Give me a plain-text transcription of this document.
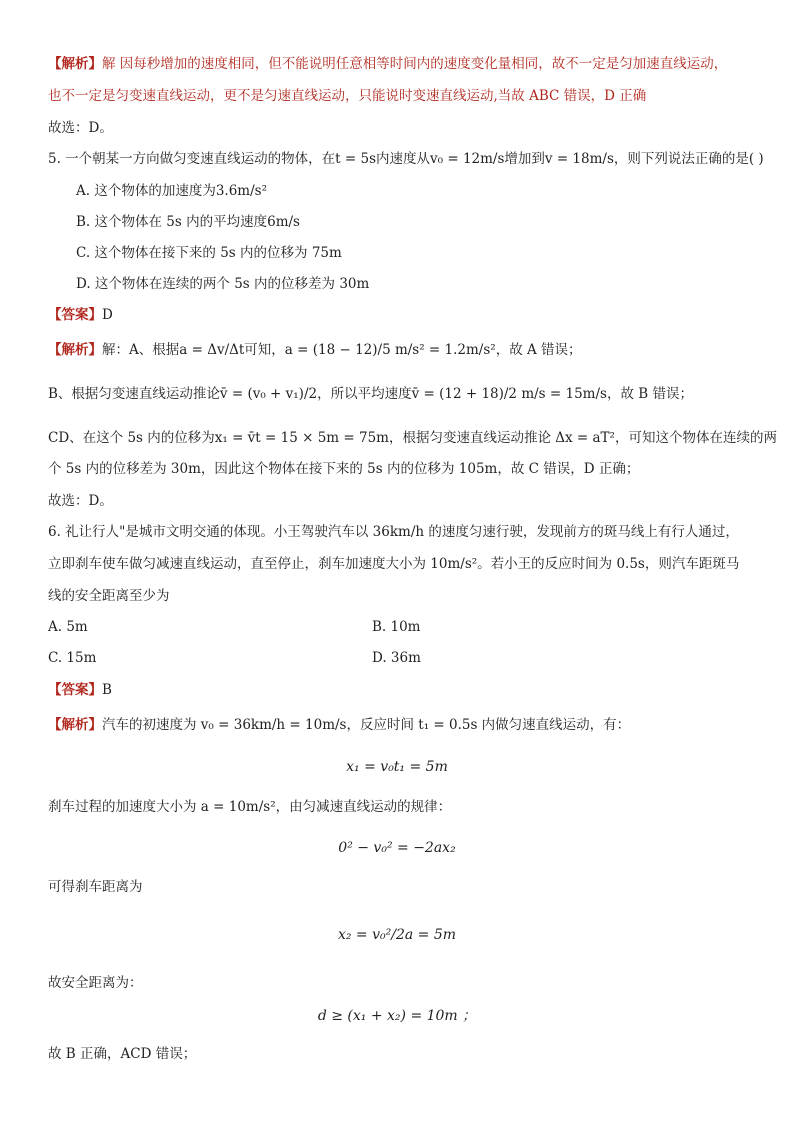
【解析】解 因每秒增加的速度相同，但不能说明任意相等时间内的速度变化量相同，故不一定是匀加速直线运动，
也不一定是匀变速直线运动，更不是匀速直线运动，只能说时变速直线运动,当故 ABC 错误，D 正确
故选：D。
5. 一个朝某一方向做匀变速直线运动的物体，在t = 5s内速度从v₀ = 12m/s增加到v = 18m/s，则下列说法正确的是( )
A. 这个物体的加速度为3.6m/s²
B. 这个物体在 5s 内的平均速度6m/s
C. 这个物体在接下来的 5s 内的位移为 75m
D. 这个物体在连续的两个 5s 内的位移差为 30m
【答案】D
【解析】解：A、根据a = Δv/Δt可知，a = (18 − 12)/5 m/s² = 1.2m/s²，故 A 错误；
B、根据匀变速直线运动推论v̄ = (v₀ + v₁)/2，所以平均速度v̄ = (12 + 18)/2 m/s = 15m/s，故 B 错误；
CD、在这个 5s 内的位移为x₁ = v̄t = 15 × 5m = 75m，根据匀变速直线运动推论 Δx = aT²，可知这个物体在连续的两
个 5s 内的位移差为 30m，因此这个物体在接下来的 5s 内的位移为 105m，故 C 错误，D 正确；
故选：D。
6. 礼让行人"是城市文明交通的体现。小王驾驶汽车以 36km/h 的速度匀速行驶，发现前方的斑马线上有行人通过，
立即刹车使车做匀减速直线运动，直至停止，刹车加速度大小为 10m/s²。若小王的反应时间为 0.5s，则汽车距斑马
线的安全距离至少为
A. 5m	B. 10m
C. 15m	D. 36m
【答案】B
【解析】汽车的初速度为 v₀ = 36km/h = 10m/s，反应时间 t₁ = 0.5s 内做匀速直线运动，有：
x₁ = v₀t₁ = 5m
刹车过程的加速度大小为 a = 10m/s²，由匀减速直线运动的规律：
0² − v₀² = −2ax₂
可得刹车距离为
x₂ = v₀²/2a = 5m
故安全距离为：
d ≥ (x₁ + x₂) = 10m ；
故 B 正确，ACD 错误；
